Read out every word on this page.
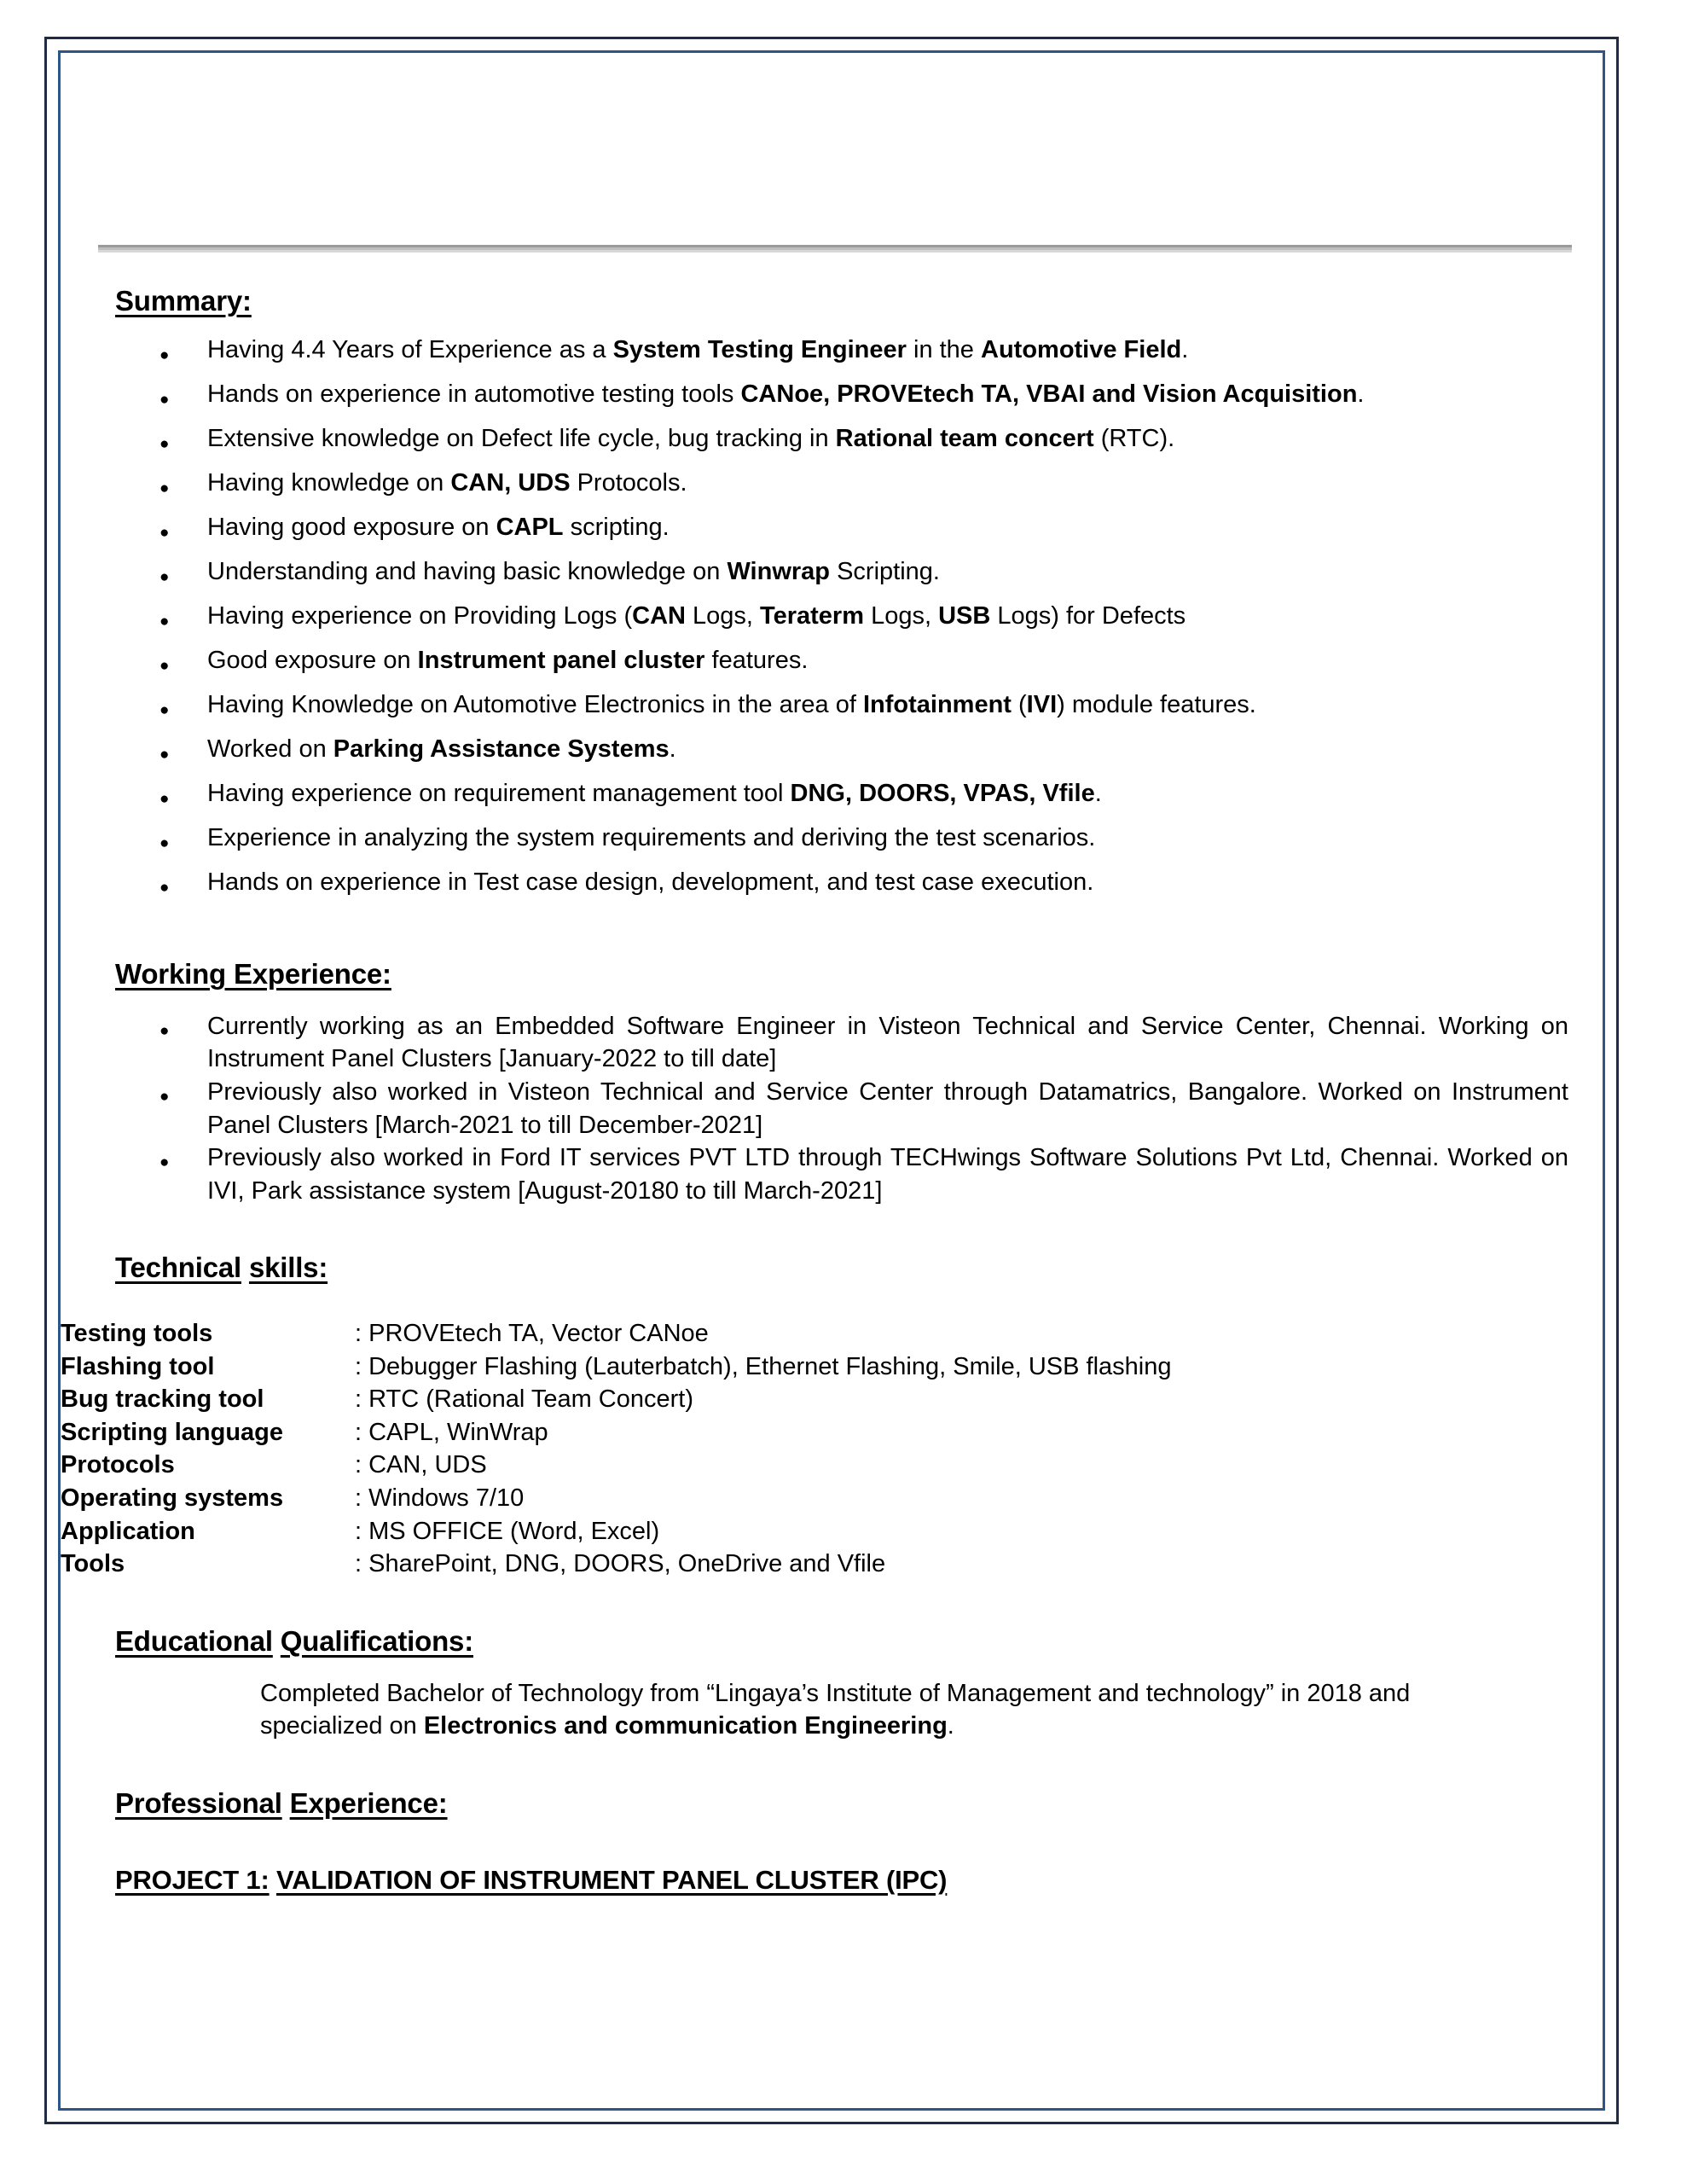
Summary:
● Having 4.4 Years of Experience as a System Testing Engineer in the Automotive Field.
● Hands on experience in automotive testing tools CANoe, PROVEtech TA, VBAI and Vision Acquisition.
● Extensive knowledge on Defect life cycle, bug tracking in Rational team concert (RTC).
● Having knowledge on CAN, UDS Protocols.
● Having good exposure on CAPL scripting.
● Understanding and having basic knowledge on Winwrap Scripting.
● Having experience on Providing Logs (CAN Logs, Teraterm Logs, USB Logs) for Defects
● Good exposure on Instrument panel cluster features.
● Having Knowledge on Automotive Electronics in the area of Infotainment (IVI) module features.
● Worked on Parking Assistance Systems.
● Having experience on requirement management tool DNG, DOORS, VPAS, Vfile.
● Experience in analyzing the system requirements and deriving the test scenarios.
● Hands on experience in Test case design, development, and test case execution.
Working Experience:
● Currently working as an Embedded Software Engineer in Visteon Technical and Service Center, Chennai. Working on Instrument Panel Clusters [January-2022 to till date]
● Previously also worked in Visteon Technical and Service Center through Datamatrics, Bangalore. Worked on Instrument Panel Clusters [March-2021 to till December-2021]
● Previously also worked in Ford IT services PVT LTD through TECHwings Software Solutions Pvt Ltd, Chennai. Worked on IVI, Park assistance system [August-20180 to till March-2021]
Technical skills:
Testing tools	: PROVEtech TA, Vector CANoe
Flashing tool	: Debugger Flashing (Lauterbatch), Ethernet Flashing, Smile, USB flashing
Bug tracking tool	: RTC (Rational Team Concert)
Scripting language	: CAPL, WinWrap
Protocols	: CAN, UDS
Operating systems	: Windows 7/10
Application	: MS OFFICE (Word, Excel)
Tools	: SharePoint, DNG, DOORS, OneDrive and Vfile
Educational Qualifications:

Completed Bachelor of Technology from “Lingaya’s Institute of Management and technology” in 2018 and specialized on Electronics and communication Engineering.

Professional Experience:
PROJECT 1: VALIDATION OF INSTRUMENT PANEL CLUSTER (IPC)
